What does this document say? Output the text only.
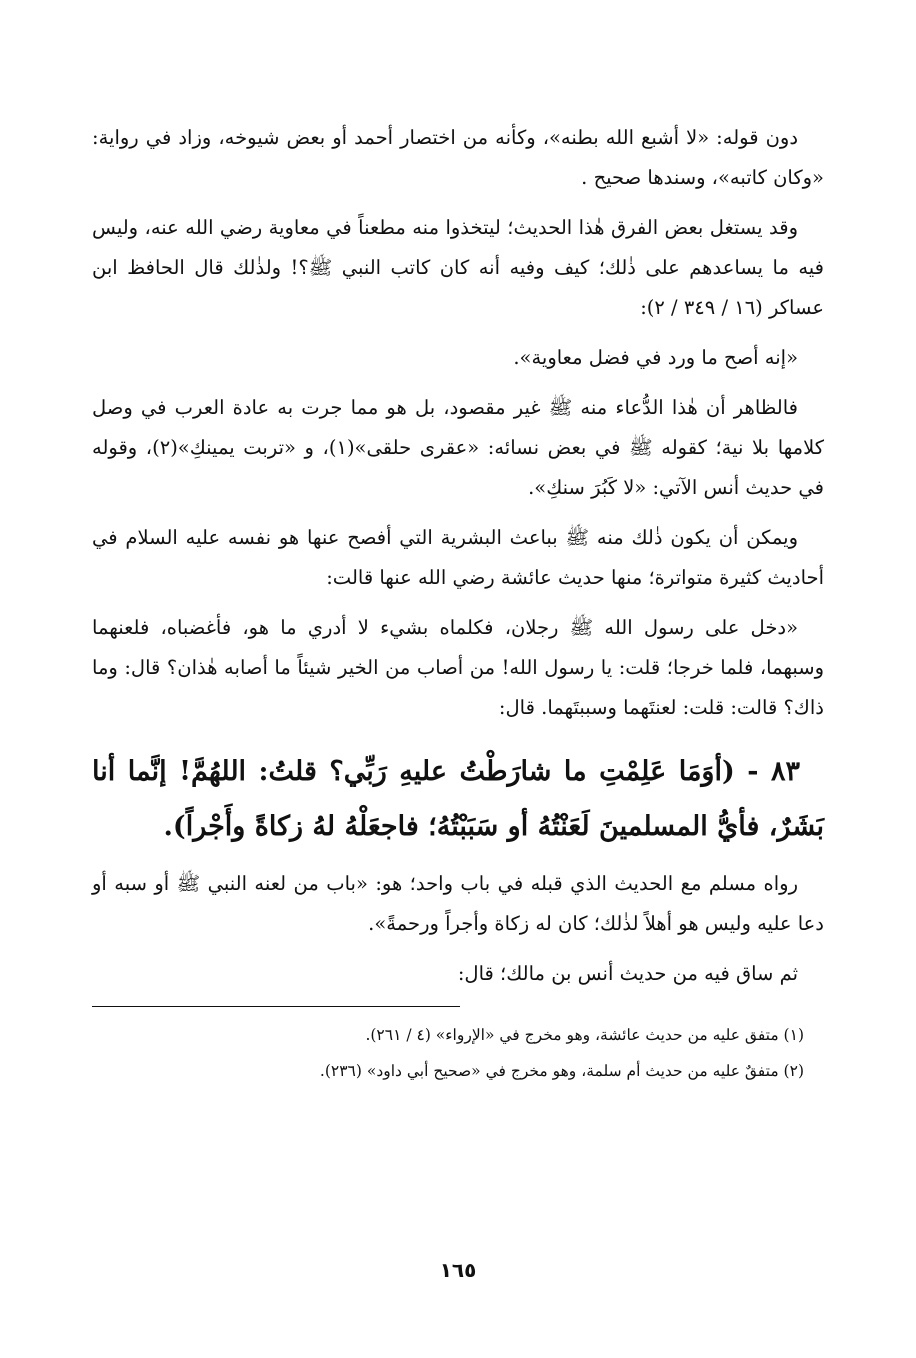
دون قوله: «لا أشبع الله بطنه»، وكأنه من اختصار أحمد أو بعض شيوخه، وزاد في رواية: «وكان كاتبه»، وسندها صحيح .

وقد يستغل بعض الفرق هٰذا الحديث؛ ليتخذوا منه مطعناً في معاوية رضي الله عنه، وليس فيه ما يساعدهم على ذٰلك؛ كيف وفيه أنه كان كاتب النبي ﷺ؟! ولذٰلك قال الحافظ ابن عساكر (١٦ / ٣٤٩ / ٢):

«إنه أصح ما ورد في فضل معاوية».

فالظاهر أن هٰذا الدُّعاء منه ﷺ غير مقصود، بل هو مما جرت به عادة العرب في وصل كلامها بلا نية؛ كقوله ﷺ في بعض نسائه: «عقرى حلقى»(١)، و «تربت يمينكِ»(٢)، وقوله في حديث أنس الآتي: «لا كَبُرَ سنكِ».

ويمكن أن يكون ذٰلك منه ﷺ بباعث البشرية التي أفصح عنها هو نفسه عليه السلام في أحاديث كثيرة متواترة؛ منها حديث عائشة رضي الله عنها قالت:

«دخل على رسول الله ﷺ رجلان، فكلماه بشيء لا أدري ما هو، فأغضباه، فلعنهما وسبهما، فلما خرجا؛ قلت: يا رسول الله! من أصاب من الخير شيئاً ما أصابه هٰذان؟ قال: وما ذاك؟ قالت: قلت: لعنتَهما وسببتَهما. قال:

٨٣ - (أوَمَا عَلِمْتِ ما شارَطْتُ عليهِ رَبِّي؟ قلتُ: اللهُمَّ! إنَّما أنا بَشَرٌ، فأيُّ المسلمينَ لَعَنْتُهُ أو سَبَبْتُهُ؛ فاجعَلْهُ لهُ زكاةً وأَجْراً).

رواه مسلم مع الحديث الذي قبله في باب واحد؛ هو: «باب من لعنه النبي ﷺ أو سبه أو دعا عليه وليس هو أهلاً لذٰلك؛ كان له زكاة وأجراً ورحمةً».

ثم ساق فيه من حديث أنس بن مالك؛ قال:

(١) متفق عليه من حديث عائشة، وهو مخرج في «الإرواء» (٤ / ٢٦١).

(٢) متفقٌ عليه من حديث أم سلمة، وهو مخرج في «صحيح أبي داود» (٢٣٦).

١٦٥
